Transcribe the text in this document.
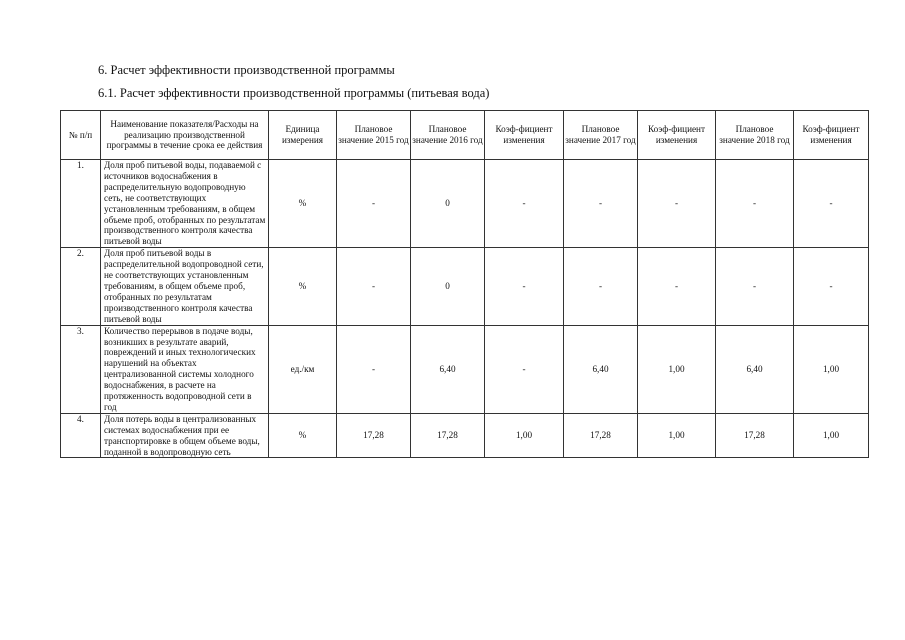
6. Расчет эффективности производственной программы
6.1. Расчет эффективности производственной программы (питьевая вода)
№ п/п	Наименование показателя/Расходы на реализацию производственной программы в течение срока ее действия	Единица измерения	Плановое значение 2015 год	Плановое значение 2016 год	Коэф-фициент изменения	Плановое значение 2017 год	Коэф-фициент изменения	Плановое значение 2018 год	Коэф-фициент изменения
1.	Доля проб питьевой воды, подаваемой с источников водоснабжения в распределительную водопроводную сеть, не соответствующих установленным требованиям, в общем объеме проб, отобранных по результатам производственного контроля качества питьевой воды	%	-	0	-	-	-	-	-
2.	Доля проб питьевой воды в распределительной водопроводной сети, не соответствующих установленным требованиям, в общем объеме проб, отобранных по результатам производственного контроля качества питьевой воды	%	-	0	-	-	-	-	-
3.	Количество перерывов в подаче воды, возникших в результате аварий, повреждений и иных технологических нарушений на объектах централизованной системы холодного водоснабжения, в расчете на протяженность водопроводной сети в год	ед./км	-	6,40	-	6,40	1,00	6,40	1,00
4.	Доля потерь воды в централизованных системах водоснабжения при ее транспортировке в общем объеме воды, поданной в водопроводную сеть	%	17,28	17,28	1,00	17,28	1,00	17,28	1,00
